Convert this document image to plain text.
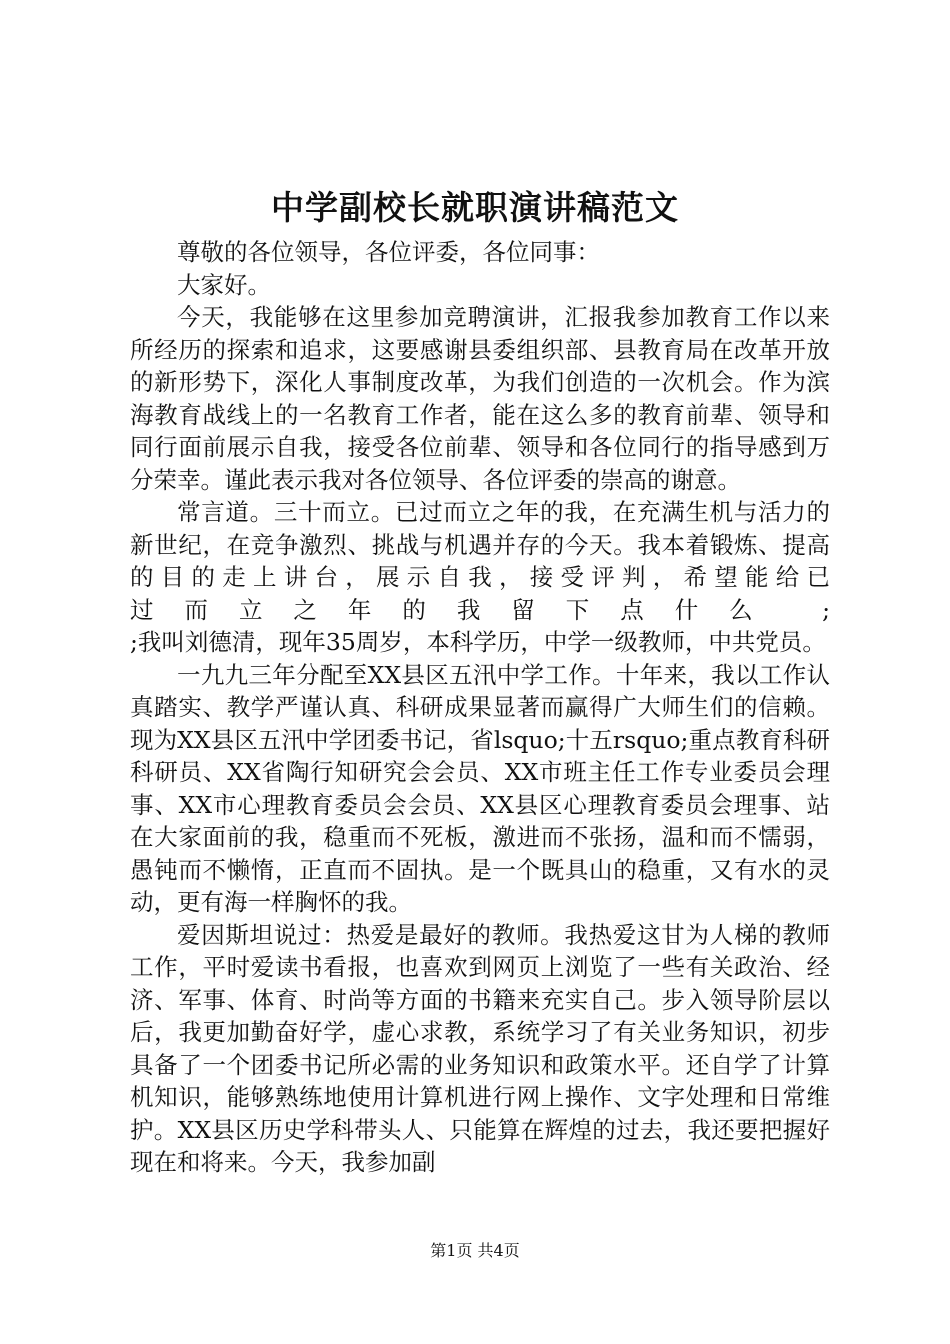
中学副校长就职演讲稿范文

尊敬的各位领导，各位评委，各位同事：

大家好。

今天，我能够在这里参加竞聘演讲，汇报我参加教育工作以来所经历的探索和追求，这要感谢县委组织部、县教育局在改革开放的新形势下，深化人事制度改革，为我们创造的一次机会。作为滨海教育战线上的一名教育工作者，能在这么多的教育前辈、领导和同行面前展示自我，接受各位前辈、领导和各位同行的指导感到万分荣幸。谨此表示我对各位领导、各位评委的崇高的谢意。

常言道。三十而立。已过而立之年的我，在充满生机与活力的新世纪，在竞争激烈、挑战与机遇并存的今天。我本着锻炼、提高的目的走上讲台，展示自我，接受评判，希望能给已

过而立之年的我留下点什么 ;

;我叫刘德清，现年35周岁，本科学历，中学一级教师，中共党员。

一九九三年分配至XX县区五汛中学工作。十年来，我以工作认真踏实、教学严谨认真、科研成果显著而赢得广大师生们的信赖。现为XX县区五汛中学团委书记，省lsquo;十五rsquo;重点教育科研科研员、XX省陶行知研究会会员、XX市班主任工作专业委员会理事、XX市心理教育委员会会员、XX县区心理教育委员会理事、站在大家面前的我，稳重而不死板，激进而不张扬，温和而不懦弱，愚钝而不懒惰，正直而不固执。是一个既具山的稳重，又有水的灵动，更有海一样胸怀的我。

爱因斯坦说过：热爱是最好的教师。我热爱这甘为人梯的教师工作，平时爱读书看报，也喜欢到网页上浏览了一些有关政治、经济、军事、体育、时尚等方面的书籍来充实自己。步入领导阶层以后，我更加勤奋好学，虚心求教，系统学习了有关业务知识，初步具备了一个团委书记所必需的业务知识和政策水平。还自学了计算机知识，能够熟练地使用计算机进行网上操作、文字处理和日常维护。XX县区历史学科带头人、只能算在辉煌的过去，我还要把握好现在和将来。今天，我参加副

第1页 共4页
